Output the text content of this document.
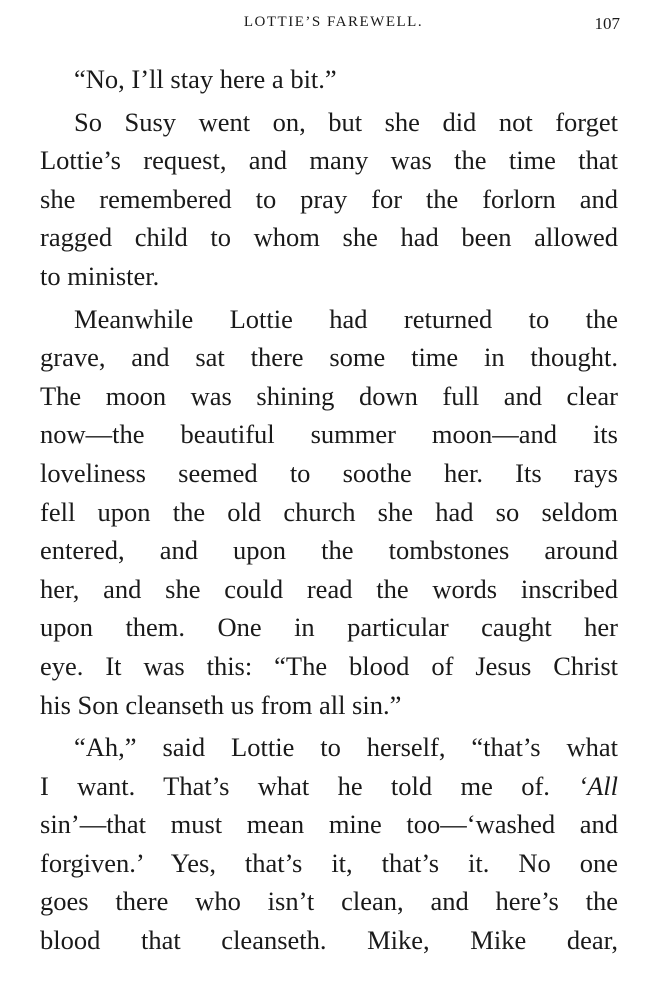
LOTTIE’S FAREWELL.	107
“No, I’ll stay here a bit.”
So Susy went on, but she did not forget
Lottie’s request, and many was the time that
she remembered to pray for the forlorn and
ragged child to whom she had been allowed
to minister.
Meanwhile Lottie had returned to the
grave, and sat there some time in thought.
The moon was shining down full and clear
now—the beautiful summer moon—and its
loveliness seemed to soothe her. Its rays
fell upon the old church she had so seldom
entered, and upon the tombstones around
her, and she could read the words inscribed
upon them. One in particular caught her
eye. It was this: “The blood of Jesus Christ
his Son cleanseth us from all sin.”
“Ah,” said Lottie to herself, “that’s what
I want. That’s what he told me of. ‘All
sin’—that must mean mine too—‘washed and
forgiven.’ Yes, that’s it, that’s it. No one
goes there who isn’t clean, and here’s the
blood that cleanseth. Mike, Mike dear,
